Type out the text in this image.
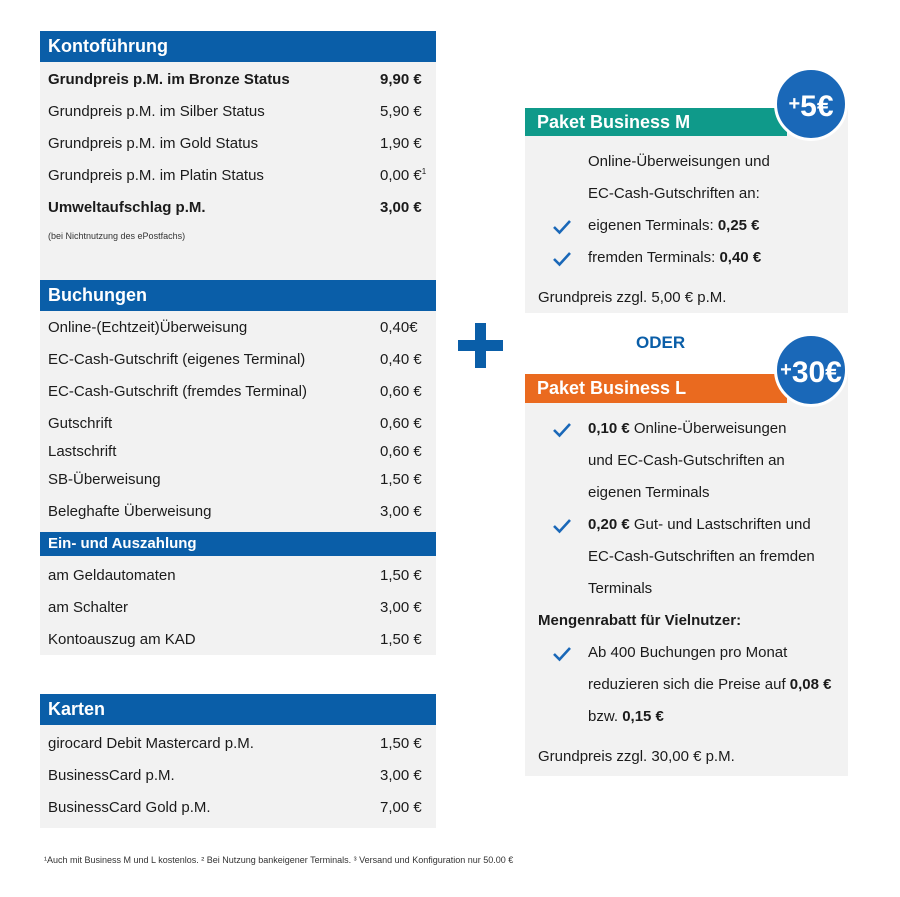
Kontoführung
Grundpreis p.M. im Bronze Status	9,90 €
Grundpreis p.M. im Silber Status	5,90 €
Grundpreis p.M. im Gold Status	1,90 €
Grundpreis p.M. im Platin Status	0,00 €$^1$
Umweltaufschlag p.M.	3,00 €
(bei Nichtnutzung des ePostfachs)
Buchungen
Online-(Echtzeit)Überweisung	0,40€
EC-Cash-Gutschrift (eigenes Terminal)	0,40 €
EC-Cash-Gutschrift (fremdes Terminal)	0,60 €
Gutschrift	0,60 €
Lastschrift	0,60 €
SB-Überweisung	1,50 €
Beleghafte Überweisung	3,00 €
Ein- und Auszahlung
am Geldautomaten	1,50 €
am Schalter	3,00 €
Kontoauszug am KAD	1,50 €
Karten
girocard Debit Mastercard p.M.	1,50 €
BusinessCard p.M.	3,00 €
BusinessCard Gold p.M.	7,00 €
Paket Business M
+5€
Online-Überweisungen und
EC-Cash-Gutschriften an:
eigenen Terminals: 0,25 €
fremden Terminals: 0,40 €
Grundpreis zzgl. 5,00 € p.M.
ODER
Paket Business L
+30€
0,10 € Online-Überweisungen
und EC-Cash-Gutschriften an
eigenen Terminals
0,20 € Gut- und Lastschriften und
EC-Cash-Gutschriften an fremden
Terminals
Mengenrabatt für Vielnutzer:
Ab 400 Buchungen pro Monat
reduzieren sich die Preise auf 0,08 €
bzw. 0,15 €
Grundpreis zzgl. 30,00 € p.M.
¹Auch mit Business M und L kostenlos. ² Bei Nutzung bankeigener Terminals. ³ Versand und Konfiguration nur 50.00 €
